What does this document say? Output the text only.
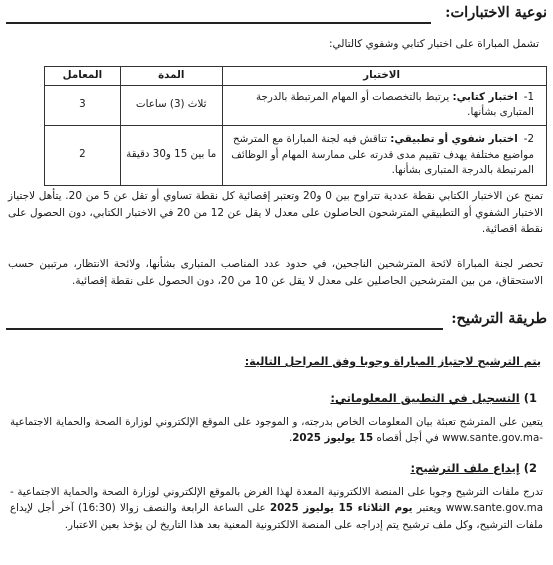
نوعية الاختبارات:
تشمل المباراة على اختبار كتابي وشفوي كالتالي:
الاختبار	المدة	المعامل
1-اختبار كتابي: يرتبط بالتخصصات أو المهام المرتبطة بالدرجة المتبارى بشأنها.	ثلاث (3) ساعات	3
2-اختبار شفوي أو تطبيقي: تناقش فيه لجنة المباراة مع المترشح مواضيع مختلفة يهدف تقييم مدى قدرته على ممارسة المهام أو الوظائف المرتبطة بالدرجة المتبارى بشأنها.	ما بين 15 و30 دقيقة	2

تمنح عن الاختبار الكتابي نقطة عددية تتراوح بين 0 و20 وتعتبر إقصائية كل نقطة تساوي أو تقل عن 5 من 20. يتأهل لاجتياز الاختبار الشفوي أو التطبيقي المترشحون الحاصلون على معدل لا يقل عن 12 من 20 في الاختبار الكتابي، دون الحصول على نقطة اقصائية.

تحصر لجنة المباراة لائحة المترشحين الناجحين، في حدود عدد المناصب المتبارى بشأنها، ولائحة الانتظار، مرتبين حسب الاستحقاق، من بين المترشحين الحاصلين على معدل لا يقل عن 10 من 20، دون الحصول على نقطة إقصائية.

طريقة الترشيح:
يتم الترشيح لاجتياز المباراة وجوبا وفق المراحل التالية:
1) التسجيل في التطبيق المعلوماتي:

يتعين على المترشح تعبئة بيان المعلومات الخاص بدرجته، و الموجود على الموقع الإلكتروني لوزارة الصحة والحماية الاجتماعية -www.sante.gov.ma في أجل أقصاه 15 يوليوز 2025.

2) إيداع ملف الترشيح:

تدرج ملفات الترشيح وجوبا على المنصة الالكترونية المعدة لهذا الغرض بالموقع الإلكتروني لوزارة الصحة والحماية الاجتماعية -www.sante.gov.ma ويعتبر يوم الثلاثاء 15 يوليوز 2025 على الساعة الرابعة والنصف زوالا (16:30) آخر أجل لإيداع ملفات الترشيح، وكل ملف ترشيح يتم إدراجه على المنصة الالكترونية المعنية بعد هذا التاريخ لن يؤخذ بعين الاعتبار.
